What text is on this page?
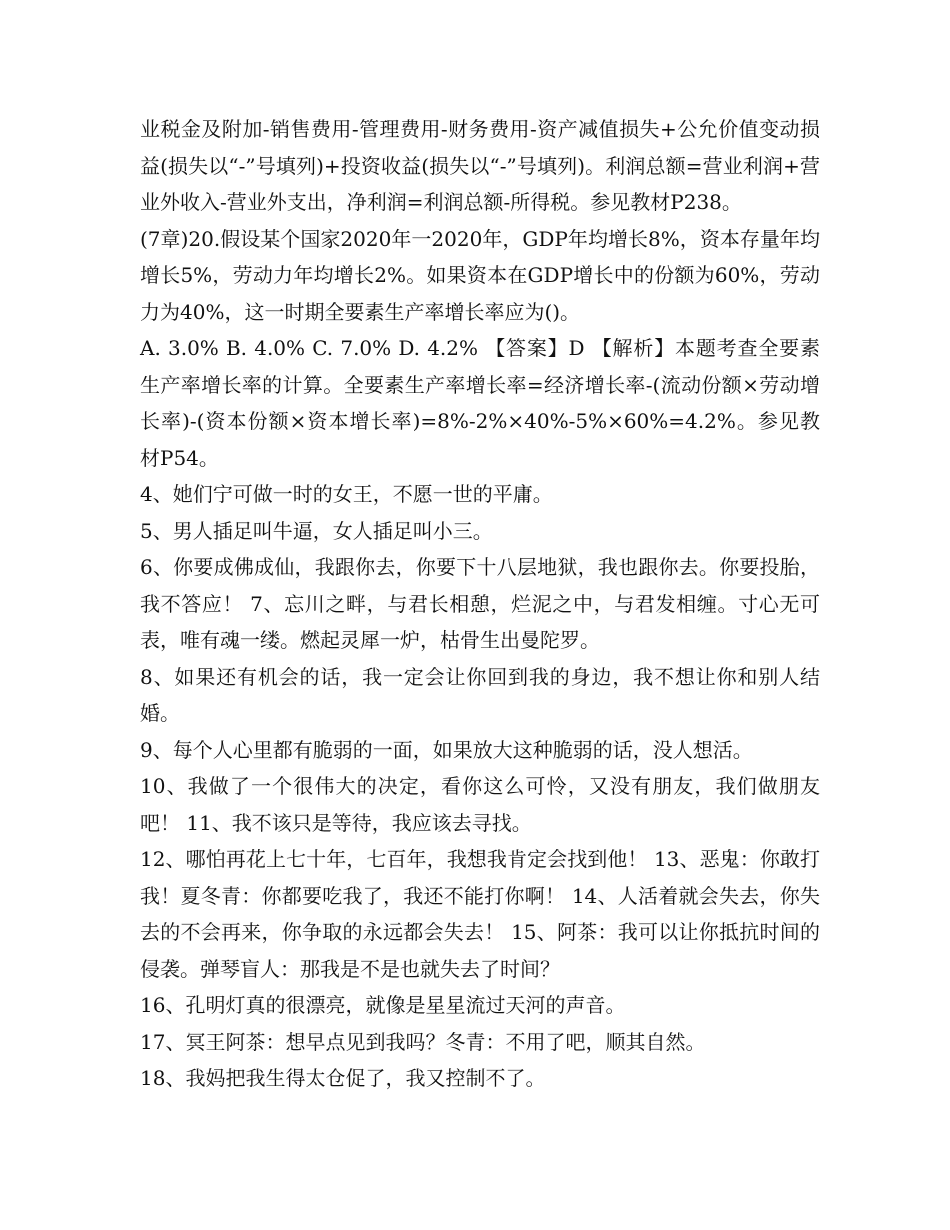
业税金及附加-销售费用-管理费用-财务费用-资产减值损失+公允价值变动损益(损失以“-”号填列)+投资收益(损失以“-”号填列)。利润总额=营业利润+营业外收入-营业外支出，净利润=利润总额-所得税。参见教材P238。

(7章)20.假设某个国家2020年一2020年，GDP年均增长8%，资本存量年均增长5%，劳动力年均增长2%。如果资本在GDP增长中的份额为60%，劳动力为40%，这一时期全要素生产率增长率应为()。

A. 3.0% B. 4.0% C. 7.0% D. 4.2% 【答案】D 【解析】本题考查全要素生产率增长率的计算。全要素生产率增长率=经济增长率-(流动份额×劳动增长率)-(资本份额×资本增长率)=8%-2%×40%-5%×60%=4.2%。参见教材P54。

4、她们宁可做一时的女王，不愿一世的平庸。

5、男人插足叫牛逼，女人插足叫小三。

6、你要成佛成仙，我跟你去，你要下十八层地狱，我也跟你去。你要投胎，我不答应！ 7、忘川之畔，与君长相憩，烂泥之中，与君发相缠。寸心无可表，唯有魂一缕。燃起灵犀一炉，枯骨生出曼陀罗。

8、如果还有机会的话，我一定会让你回到我的身边，我不想让你和别人结婚。

9、每个人心里都有脆弱的一面，如果放大这种脆弱的话，没人想活。

10、我做了一个很伟大的决定，看你这么可怜，又没有朋友，我们做朋友吧！ 11、我不该只是等待，我应该去寻找。

12、哪怕再花上七十年，七百年，我想我肯定会找到他！ 13、恶鬼：你敢打我！夏冬青：你都要吃我了，我还不能打你啊！ 14、人活着就会失去，你失去的不会再来，你争取的永远都会失去！ 15、阿茶：我可以让你抵抗时间的侵袭。弹琴盲人：那我是不是也就失去了时间？

16、孔明灯真的很漂亮，就像是星星流过天河的声音。

17、冥王阿茶：想早点见到我吗？冬青：不用了吧，顺其自然。

18、我妈把我生得太仓促了，我又控制不了。
